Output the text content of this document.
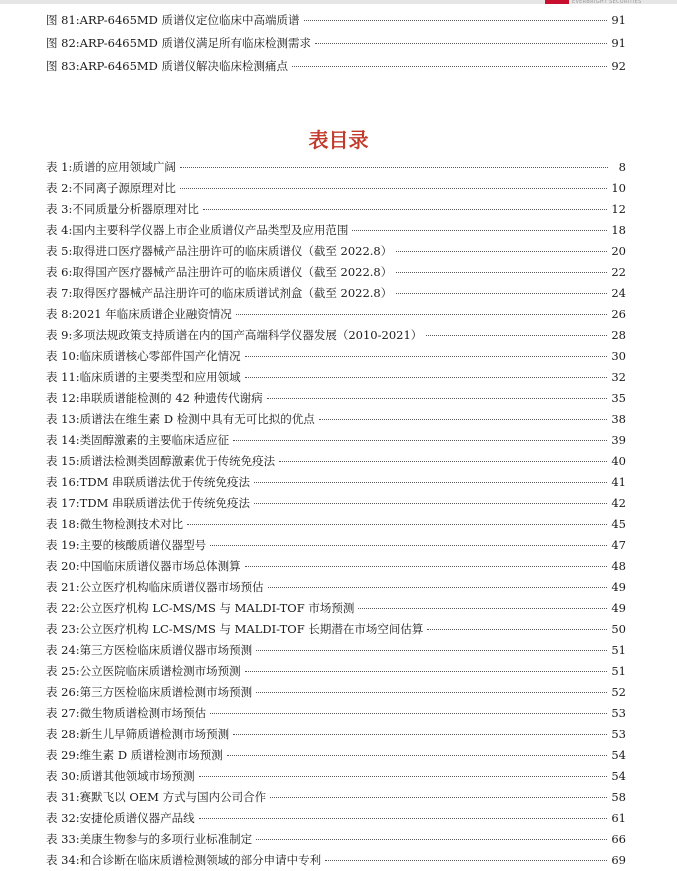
EVERBRIGHT SECURITIES
图 81: ARP-6465MD 质谱仪定位临床中高端质谱	91
图 82: ARP-6465MD 质谱仪满足所有临床检测需求	91
图 83: ARP-6465MD 质谱仪解决临床检测痛点	92
表目录
表 1: 质谱的应用领域广阔	8
表 2: 不同离子源原理对比	10
表 3: 不同质量分析器原理对比	12
表 4: 国内主要科学仪器上市企业质谱仪产品类型及应用范围	18
表 5: 取得进口医疗器械产品注册许可的临床质谱仪（截至 2022.8）	20
表 6: 取得国产医疗器械产品注册许可的临床质谱仪（截至 2022.8）	22
表 7: 取得医疗器械产品注册许可的临床质谱试剂盒（截至 2022.8）	24
表 8: 2021 年临床质谱企业融资情况	26
表 9: 多项法规政策支持质谱在内的国产高端科学仪器发展（2010-2021）	28
表 10: 临床质谱核心零部件国产化情况	30
表 11: 临床质谱的主要类型和应用领域	32
表 12: 串联质谱能检测的 42 种遗传代谢病	35
表 13: 质谱法在维生素 D 检测中具有无可比拟的优点	38
表 14: 类固醇激素的主要临床适应征	39
表 15: 质谱法检测类固醇激素优于传统免疫法	40
表 16: TDM 串联质谱法优于传统免疫法	41
表 17: TDM 串联质谱法优于传统免疫法	42
表 18: 微生物检测技术对比	45
表 19: 主要的核酸质谱仪器型号	47
表 20: 中国临床质谱仪器市场总体测算	48
表 21: 公立医疗机构临床质谱仪器市场预估	49
表 22: 公立医疗机构 LC-MS/MS 与 MALDI-TOF 市场预测	49
表 23: 公立医疗机构 LC-MS/MS 与 MALDI-TOF 长期潜在市场空间估算	50
表 24: 第三方医检临床质谱仪器市场预测	51
表 25: 公立医院临床质谱检测市场预测	51
表 26: 第三方医检临床质谱检测市场预测	52
表 27: 微生物质谱检测市场预估	53
表 28: 新生儿早筛质谱检测市场预测	53
表 29: 维生素 D 质谱检测市场预测	54
表 30: 质谱其他领域市场预测	54
表 31: 赛默飞以 OEM 方式与国内公司合作	58
表 32: 安捷伦质谱仪器产品线	61
表 33: 美康生物参与的多项行业标准制定	66
表 34: 和合诊断在临床质谱检测领域的部分申请中专利	69
